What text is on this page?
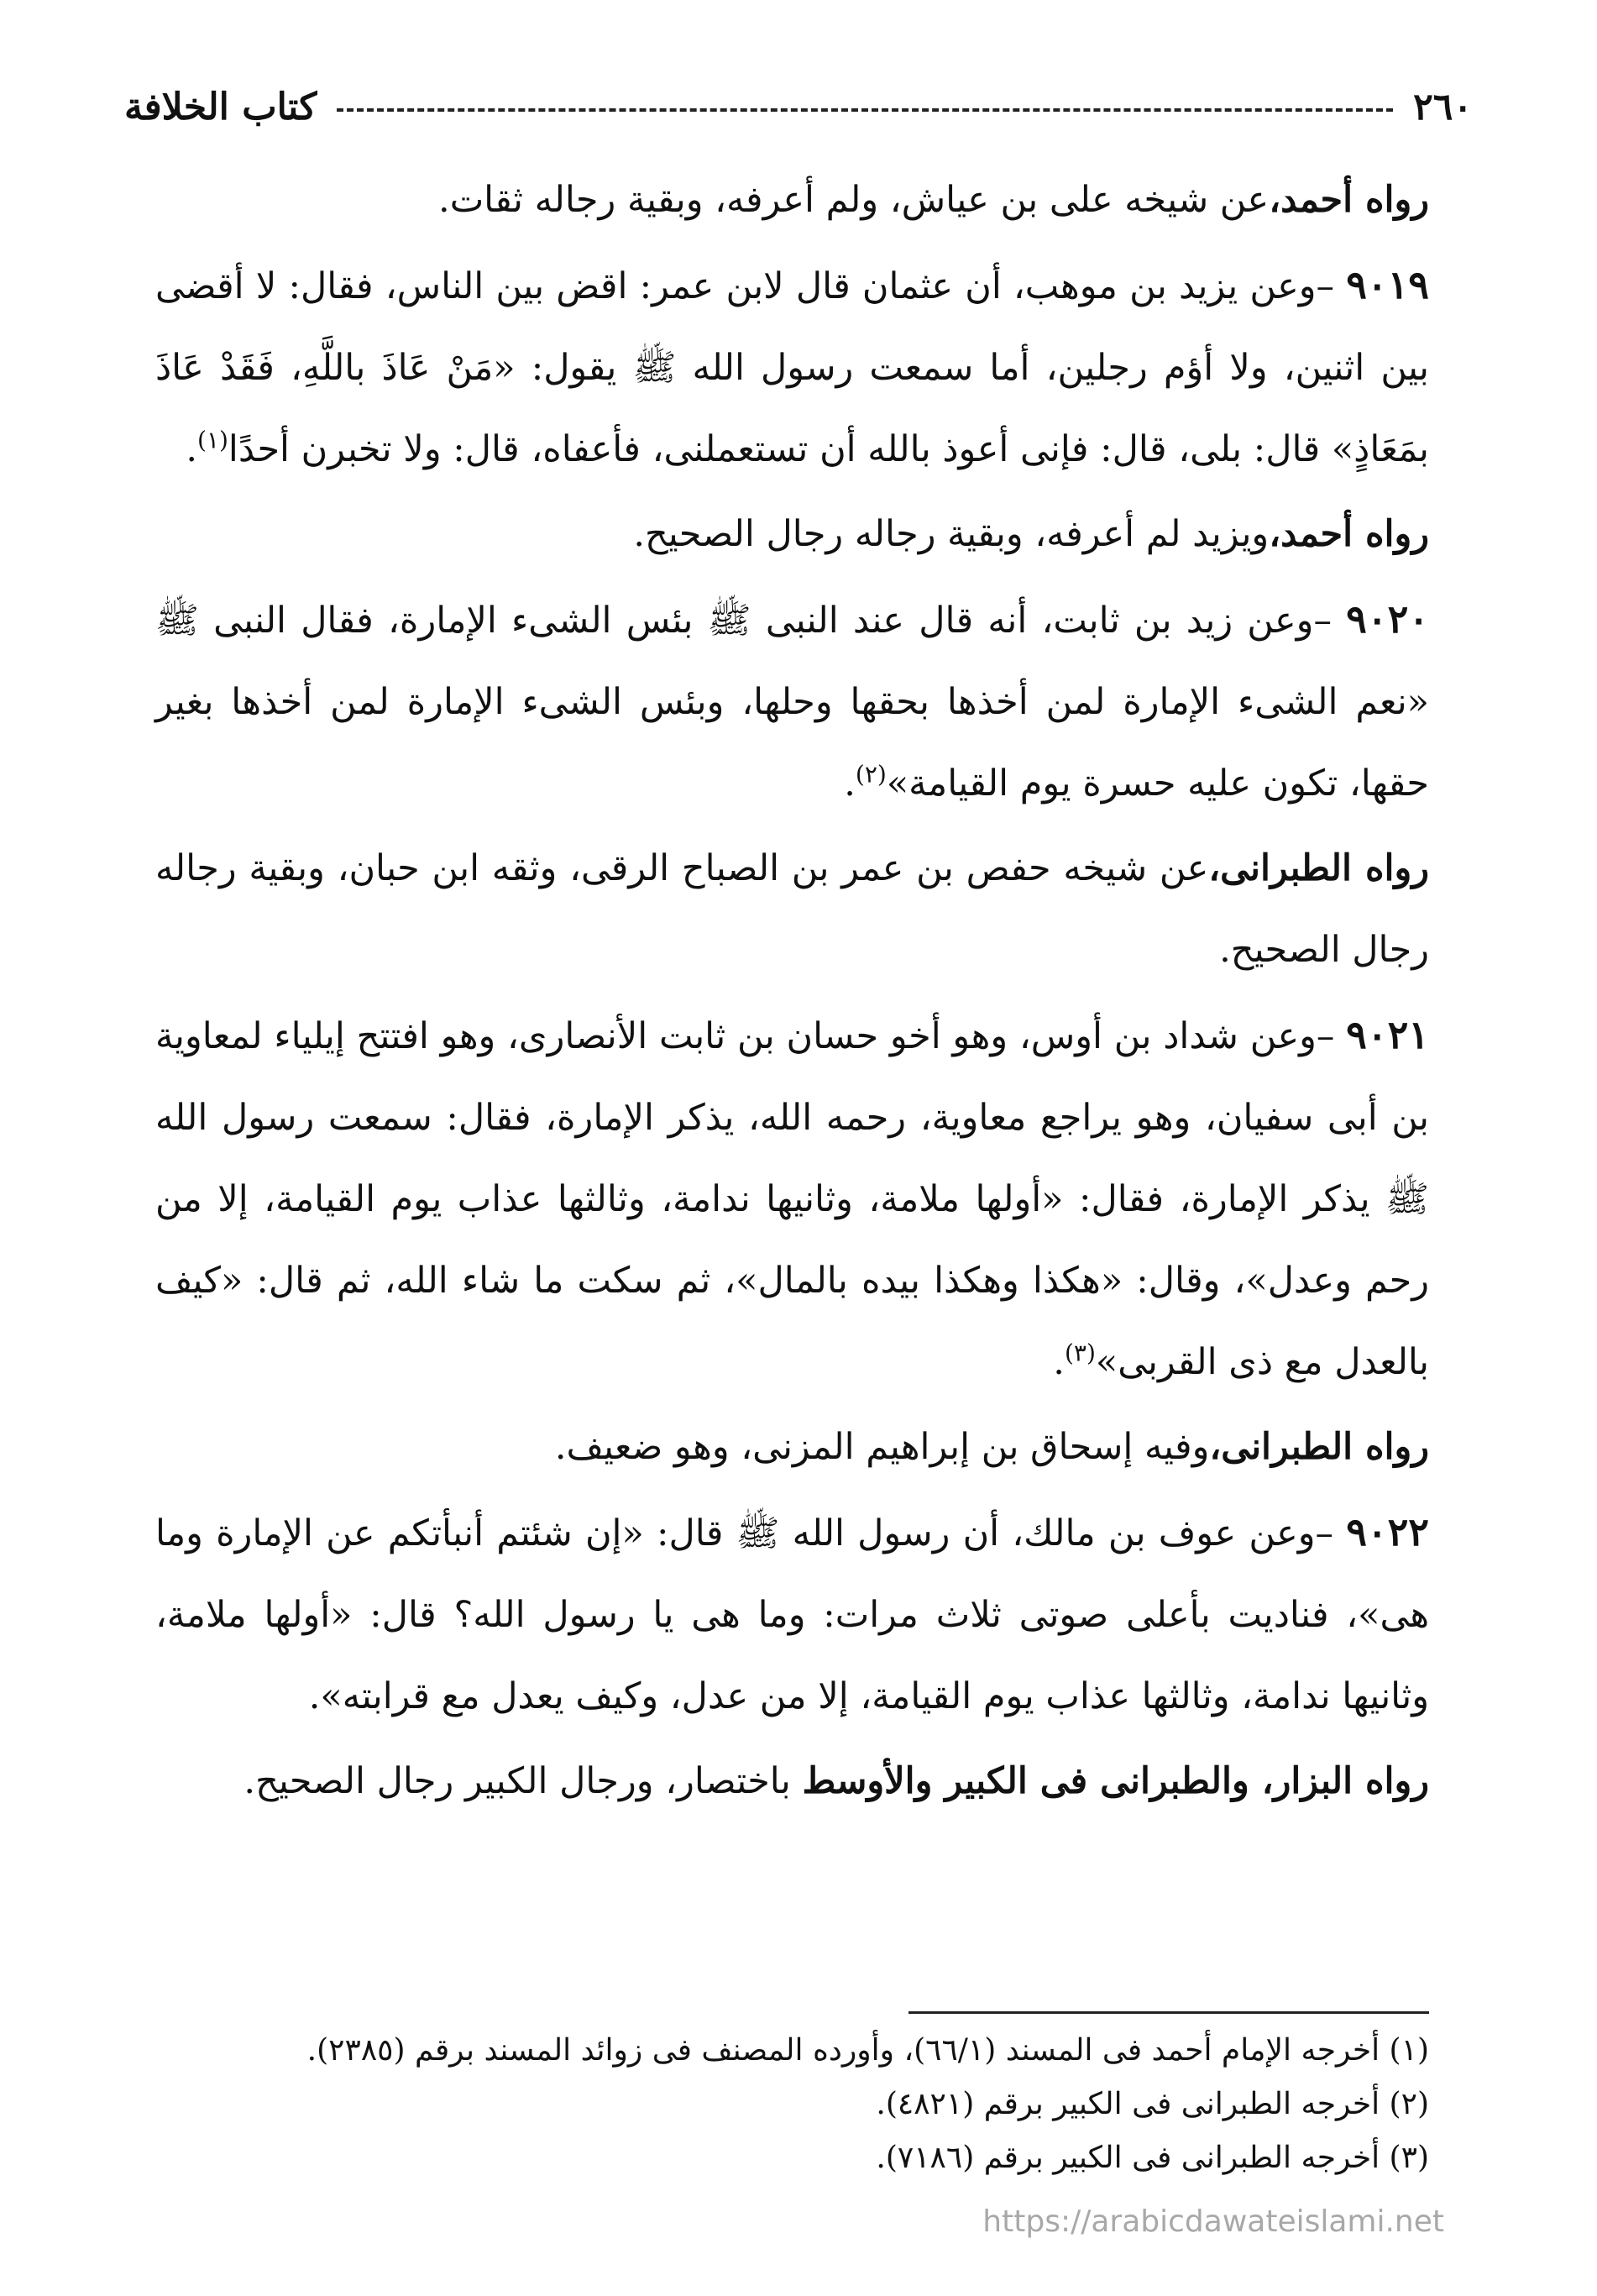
٢٦٠
كتاب الخلافة

رواه أحمد،عن شيخه على بن عياش، ولم أعرفه، وبقية رجاله ثقات.

٩٠١٩ –وعن يزيد بن موهب، أن عثمان قال لابن عمر: اقض بين الناس، فقال: لا أقضى بين اثنين، ولا أؤم رجلين، أما سمعت رسول الله ﷺ يقول: «مَنْ عَاذَ باللَّهِ، فَقَدْ عَاذَ بمَعَاذٍ» قال: بلى، قال: فإنى أعوذ بالله أن تستعملنى، فأعفاه، قال: ولا تخبرن أحدًا$^{(١)}$.

رواه أحمد،ويزيد لم أعرفه، وبقية رجاله رجال الصحيح.

٩٠٢٠ –وعن زيد بن ثابت، أنه قال عند النبى ﷺ بئس الشىء الإمارة، فقال النبى ﷺ «نعم الشىء الإمارة لمن أخذها بحقها وحلها، وبئس الشىء الإمارة لمن أخذها بغير حقها، تكون عليه حسرة يوم القيامة»$^{(٢)}$.

رواه الطبرانى،عن شيخه حفص بن عمر بن الصباح الرقى، وثقه ابن حبان، وبقية رجاله رجال الصحيح.

٩٠٢١ –وعن شداد بن أوس، وهو أخو حسان بن ثابت الأنصارى، وهو افتتح إيلياء لمعاوية بن أبى سفيان، وهو يراجع معاوية، رحمه الله، يذكر الإمارة، فقال: سمعت رسول الله ﷺ يذكر الإمارة، فقال: «أولها ملامة، وثانيها ندامة، وثالثها عذاب يوم القيامة، إلا من رحم وعدل»، وقال: «هكذا وهكذا بيده بالمال»، ثم سكت ما شاء الله، ثم قال: «كيف بالعدل مع ذى القربى»$^{(٣)}$.

رواه الطبرانى،وفيه إسحاق بن إبراهيم المزنى، وهو ضعيف.

٩٠٢٢ –وعن عوف بن مالك، أن رسول الله ﷺ قال: «إن شئتم أنبأتكم عن الإمارة وما هى»، فناديت بأعلى صوتى ثلاث مرات: وما هى يا رسول الله؟ قال: «أولها ملامة، وثانيها ندامة، وثالثها عذاب يوم القيامة، إلا من عدل، وكيف يعدل مع قرابته».

رواه البزار، والطبرانى فى الكبير والأوسط باختصار، ورجال الكبير رجال الصحيح.

(١) أخرجه الإمام أحمد فى المسند (٦٦/١)، وأورده المصنف فى زوائد المسند برقم (٢٣٨٥).
(٢) أخرجه الطبرانى فى الكبير برقم (٤٨٢١).
(٣) أخرجه الطبرانى فى الكبير برقم (٧١٨٦).
https://arabicdawateislami.net
